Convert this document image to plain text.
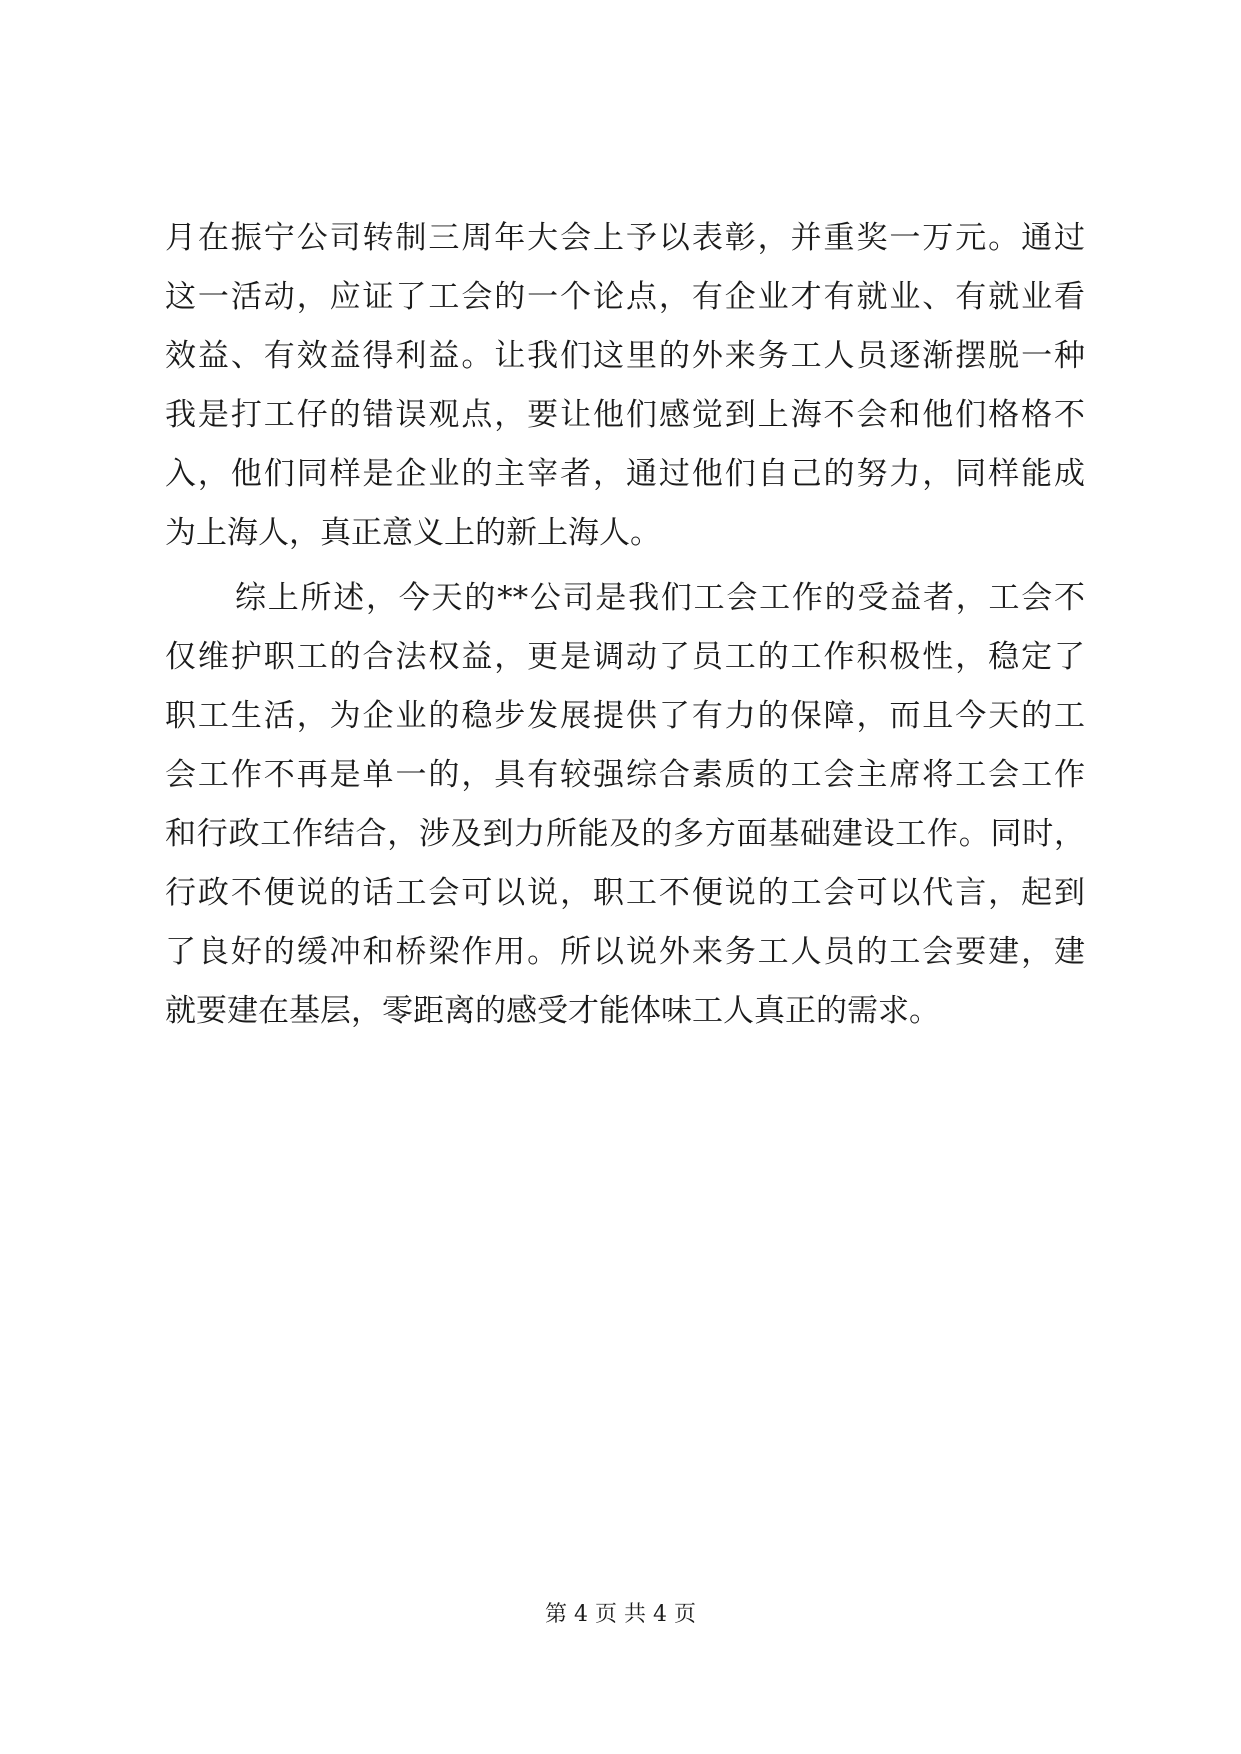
月在振宁公司转制三周年大会上予以表彰，并重奖一万元。通过
这一活动，应证了工会的一个论点，有企业才有就业、有就业看
效益、有效益得利益。让我们这里的外来务工人员逐渐摆脱一种
我是打工仔的错误观点，要让他们感觉到上海不会和他们格格不
入，他们同样是企业的主宰者，通过他们自己的努力，同样能成
为上海人，真正意义上的新上海人。
综上所述，今天的**公司是我们工会工作的受益者，工会不
仅维护职工的合法权益，更是调动了员工的工作积极性，稳定了
职工生活，为企业的稳步发展提供了有力的保障，而且今天的工
会工作不再是单一的，具有较强综合素质的工会主席将工会工作
和行政工作结合，涉及到力所能及的多方面基础建设工作。同时，
行政不便说的话工会可以说，职工不便说的工会可以代言，起到
了良好的缓冲和桥梁作用。所以说外来务工人员的工会要建，建
就要建在基层，零距离的感受才能体味工人真正的需求。
第 4 页 共 4 页
